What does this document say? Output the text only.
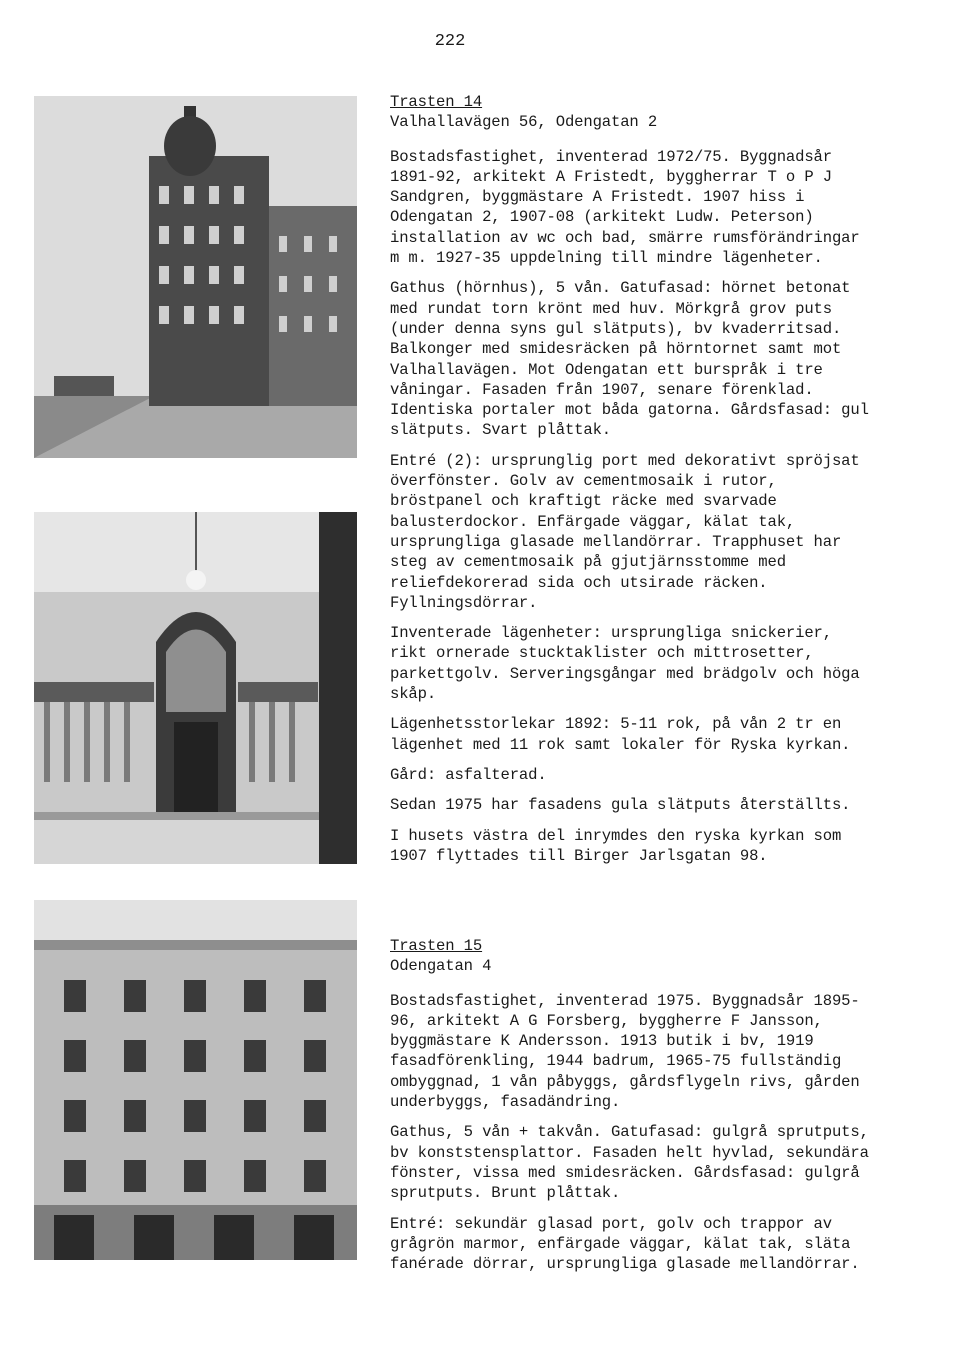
222
Trasten 14

Valhallavägen 56, Odengatan 2

Bostadsfastighet, inventerad 1972/75. Byggnadsår 1891-92, arkitekt A Fristedt, byggherrar T o P J Sandgren, byggmästare A Fristedt. 1907 hiss i Odengatan 2, 1907-08 (arkitekt Ludw. Peterson) installation av wc och bad, smärre rumsförändringar m m. 1927-35 uppdelning till mindre lägenheter.

Gathus (hörnhus), 5 vån. Gatufasad: hörnet betonat med rundat torn krönt med huv. Mörkgrå grov puts (under denna syns gul slätputs), bv kvaderritsad. Balkonger med smidesräcken på hörntornet samt mot Valhallavägen. Mot Odengatan ett burspråk i tre våningar. Fasaden från 1907, senare förenklad. Identiska portaler mot båda gatorna. Gårdsfasad: gul slätputs. Svart plåttak.

Entré (2): ursprunglig port med dekorativt spröjsat överfönster. Golv av cementmosaik i rutor, bröstpanel och kraftigt räcke med svarvade balusterdockor. Enfärgade väggar, kälat tak, ursprungliga glasade mellandörrar. Trapphuset har steg av cementmosaik på gjutjärnsstomme med reliefdekorerad sida och utsirade räcken. Fyllningsdörrar.

Inventerade lägenheter: ursprungliga snickerier, rikt ornerade stucktaklister och mittrosetter, parkettgolv. Serveringsgångar med brädgolv och höga skåp.

Lägenhetsstorlekar 1892: 5-11 rok, på vån 2 tr en lägenhet med 11 rok samt lokaler för Ryska kyrkan.

Gård: asfalterad.

Sedan 1975 har fasadens gula slätputs återställts.

I husets västra del inrymdes den ryska kyrkan som 1907 flyttades till Birger Jarlsgatan 98.

Trasten 15

Odengatan 4

Bostadsfastighet, inventerad 1975. Byggnadsår 1895-96, arkitekt A G Forsberg, byggherre F Jansson, byggmästare K Andersson. 1913 butik i bv, 1919 fasadförenkling, 1944 badrum, 1965-75 fullständig ombyggnad, 1 vån påbyggs, gårdsflygeln rivs, gården underbyggs, fasadändring.

Gathus, 5 vån + takvån. Gatufasad: gulgrå sprutputs, bv konststensplattor. Fasaden helt hyvlad, sekundära fönster, vissa med smidesräcken. Gårdsfasad: gulgrå sprutputs. Brunt plåttak.

Entré: sekundär glasad port, golv och trappor av grågrön marmor, enfärgade väggar, kälat tak, släta fanérade dörrar, ursprungliga glasade mellandörrar.
